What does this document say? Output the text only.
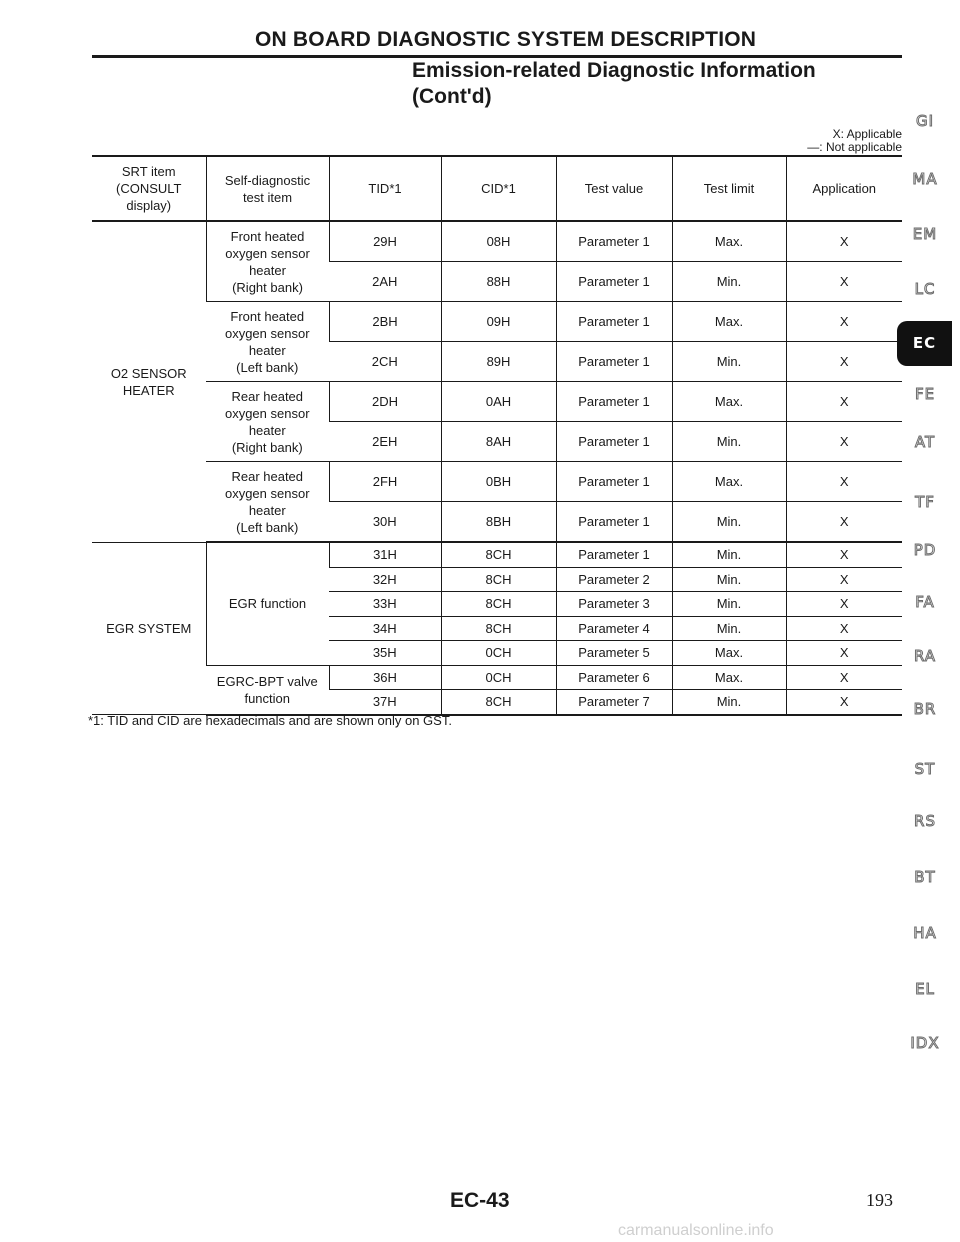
ON BOARD DIAGNOSTIC SYSTEM DESCRIPTION
Emission-related Diagnostic Information
(Cont'd)
X: Applicable
—: Not applicable
SRT item
(CONSULT
display)	Self-diagnostic
test item	TID*1	CID*1	Test value	Test limit	Application
O2 SENSOR
HEATER	Front heated
oxygen sensor
heater
(Right bank)	29H	08H	Parameter 1	Max.	X
		2AH	88H	Parameter 1	Min.	X
	Front heated
oxygen sensor
heater
(Left bank)	2BH	09H	Parameter 1	Max.	X
		2CH	89H	Parameter 1	Min.	X
	Rear heated
oxygen sensor
heater
(Right bank)	2DH	0AH	Parameter 1	Max.	X
		2EH	8AH	Parameter 1	Min.	X
	Rear heated
oxygen sensor
heater
(Left bank)	2FH	0BH	Parameter 1	Max.	X
		30H	8BH	Parameter 1	Min.	X
EGR SYSTEM	EGR function	31H	8CH	Parameter 1	Min.	X
		32H	8CH	Parameter 2	Min.	X
		33H	8CH	Parameter 3	Min.	X
		34H	8CH	Parameter 4	Min.	X
		35H	0CH	Parameter 5	Max.	X
	EGRC-BPT valve
function	36H	0CH	Parameter 6	Max.	X
		37H	8CH	Parameter 7	Min.	X
*1: TID and CID are hexadecimals and are shown only on GST.
GI
MA
EM
LC
EC
FE
AT
TF
PD
FA
RA
BR
ST
RS
BT
HA
EL
IDX
EC-43	193
carmanualsonline.info
